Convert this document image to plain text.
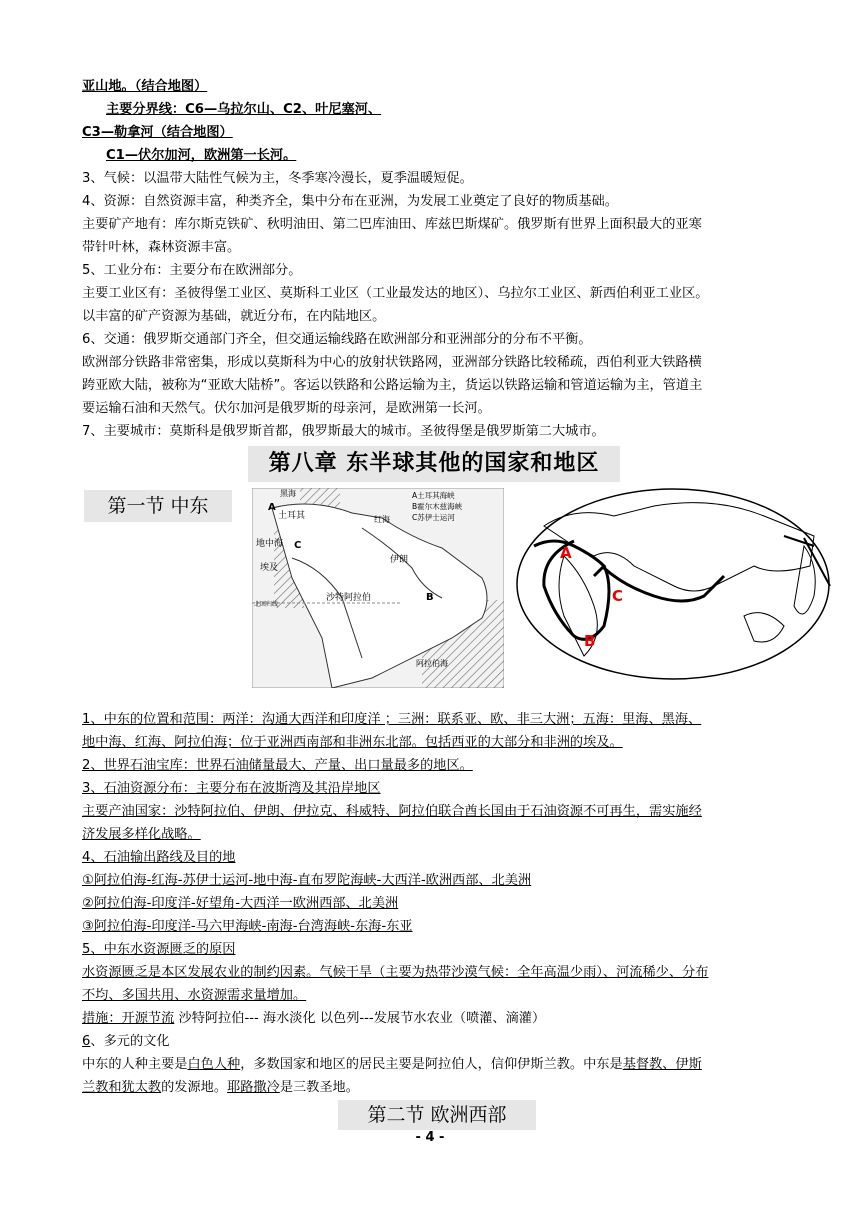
亚山地。（结合地图）
主要分界线：C6—乌拉尔山、C2、叶尼塞河、
C3—勒拿河（结合地图）
C1—伏尔加河，欧洲第一长河。
3、气候：以温带大陆性气候为主，冬季寒冷漫长，夏季温暖短促。
4、资源：自然资源丰富，种类齐全，集中分布在亚洲，为发展工业奠定了良好的物质基础。
主要矿产地有：库尔斯克铁矿、秋明油田、第二巴库油田、库兹巴斯煤矿。俄罗斯有世界上面积最大的亚寒
带针叶林，森林资源丰富。
5、工业分布：主要分布在欧洲部分。
主要工业区有：圣彼得堡工业区、莫斯科工业区（工业最发达的地区）、乌拉尔工业区、新西伯利亚工业区。
以丰富的矿产资源为基础，就近分布，在内陆地区。
6、交通：俄罗斯交通部门齐全，但交通运输线路在欧洲部分和亚洲部分的分布不平衡。
欧洲部分铁路非常密集，形成以莫斯科为中心的放射状铁路网，亚洲部分铁路比较稀疏，西伯利亚大铁路横
跨亚欧大陆，被称为“亚欧大陆桥”。客运以铁路和公路运输为主，货运以铁路运输和管道运输为主，管道主
要运输石油和天然气。伏尔加河是俄罗斯的母亲河，是欧洲第一长河。
7、主要城市：莫斯科是俄罗斯首都，俄罗斯最大的城市。圣彼得堡是俄罗斯第二大城市。
第八章 东半球其他的国家和地区
第一节 中东
黑海
土耳其
地中海
埃及
伊朗
沙特阿拉伯
阿拉伯海
红海
北回归线
A土耳其海峡
B霍尔木兹海峡
C苏伊士运河
A
B
C	A
B
C
1、中东的位置和范围：两洋：沟通大西洋和印度洋 ；三洲：联系亚、欧、非三大洲；五海：里海、黑海、
地中海、红海、阿拉伯海；位于亚洲西南部和非洲东北部。包括西亚的大部分和非洲的埃及。
2、世界石油宝库：世界石油储量最大、产量、出口量最多的地区。
3、石油资源分布：主要分布在波斯湾及其沿岸地区
主要产油国家：沙特阿拉伯、伊朗、伊拉克、科威特、阿拉伯联合酋长国由于石油资源不可再生，需实施经
济发展多样化战略。
4、石油输出路线及目的地
①阿拉伯海-红海-苏伊士运河-地中海-直布罗陀海峡-大西洋-欧洲西部、北美洲
②阿拉伯海-印度洋-好望角-大西洋一欧洲西部、北美洲
③阿拉伯海-印度洋-马六甲海峡-南海-台湾海峡-东海-东亚
5、中东水资源匮乏的原因
水资源匮乏是本区发展农业的制约因素。气候干旱（主要为热带沙漠气候：全年高温少雨）、河流稀少、分布
不均、多国共用、水资源需求量增加。
措施：开源节流 沙特阿拉伯--- 海水淡化 以色列---发展节水农业（喷灌、滴灌）
6、多元的文化
中东的人种主要是白色人种，多数国家和地区的居民主要是阿拉伯人，信仰伊斯兰教。中东是基督教、伊斯
兰教和犹太教的发源地。耶路撒冷是三教圣地。
第二节 欧洲西部
- 4 -
